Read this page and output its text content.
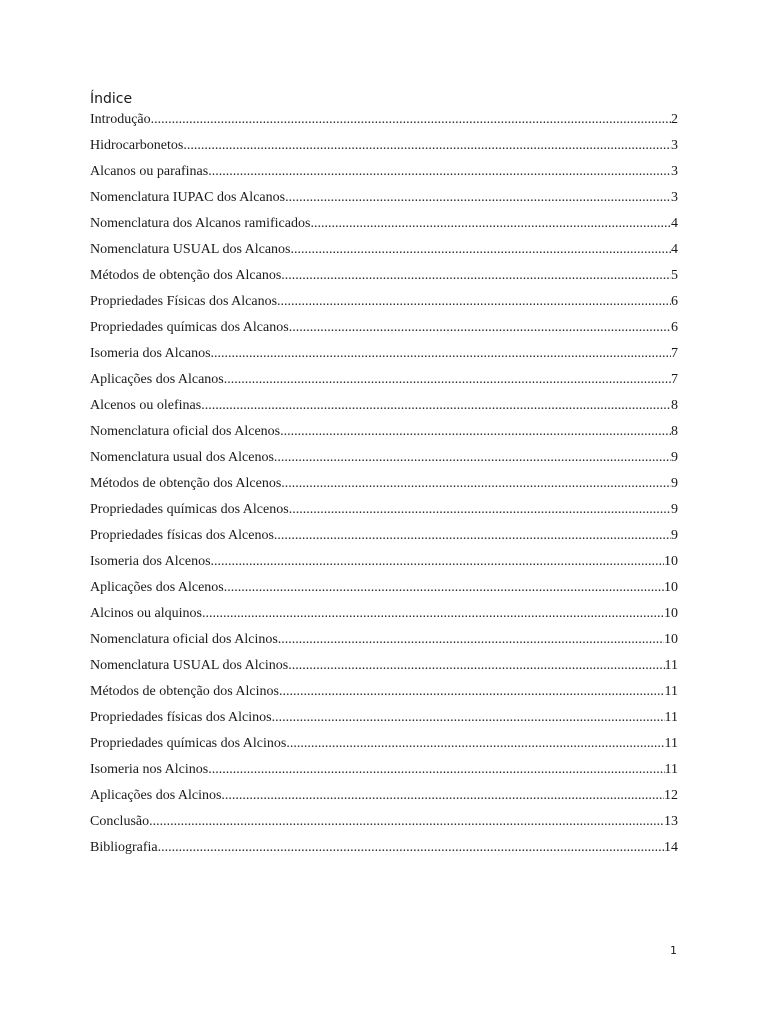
Índice
Introdução .....	2
Hidrocarbonetos .....	3
Alcanos ou parafinas .....	3
Nomenclatura IUPAC dos Alcanos .....	3
Nomenclatura dos Alcanos ramificados .....	4
Nomenclatura USUAL dos Alcanos .....	4
Métodos de obtenção dos Alcanos .....	5
Propriedades Físicas dos Alcanos .....	6
Propriedades químicas dos Alcanos .....	6
Isomeria dos Alcanos .....	7
Aplicações dos Alcanos .....	7
Alcenos ou olefinas .....	8
Nomenclatura oficial dos Alcenos .....	8
Nomenclatura usual dos Alcenos .....	9
Métodos de obtenção dos Alcenos .....	9
Propriedades químicas dos Alcenos .....	9
Propriedades físicas dos Alcenos .....	9
Isomeria dos Alcenos .....	10
Aplicações dos Alcenos .....	10
Alcinos ou alquinos .....	10
Nomenclatura oficial dos Alcinos .....	10
Nomenclatura USUAL dos Alcinos .....	11
Métodos de obtenção dos Alcinos .....	11
Propriedades físicas dos Alcinos .....	11
Propriedades químicas dos Alcinos .....	11
Isomeria nos Alcinos .....	11
Aplicações dos Alcinos .....	12
Conclusão .....	13
Bibliografia .....	14
1
